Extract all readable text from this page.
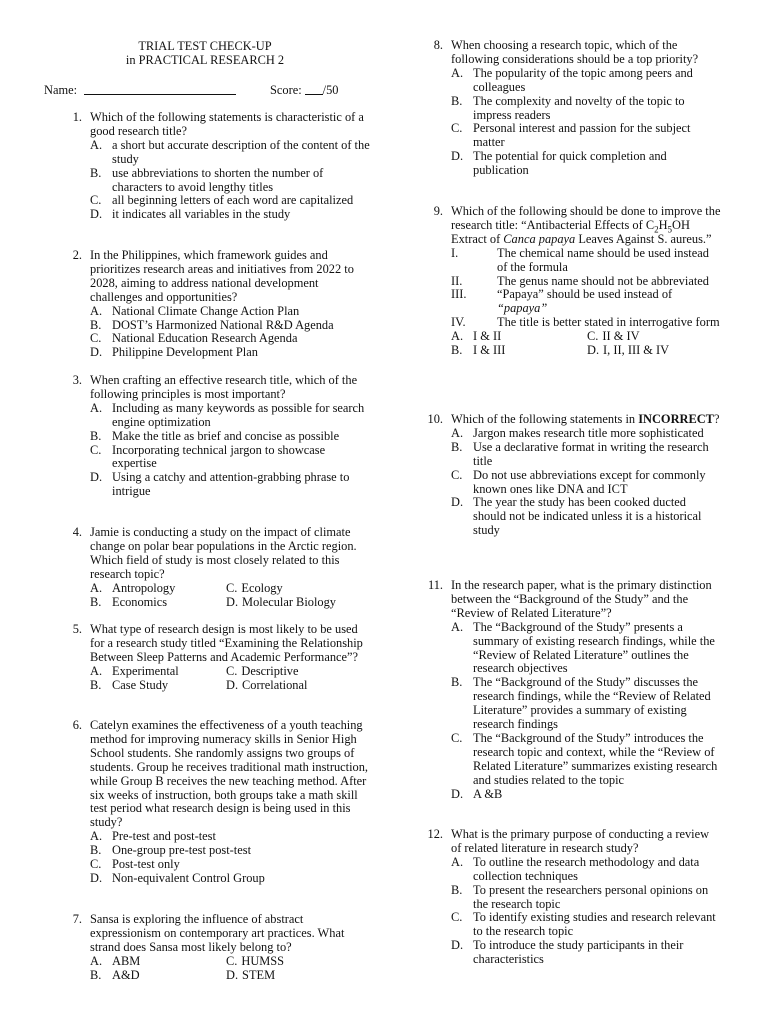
TRIAL TEST CHECK-UP
in PRACTICAL RESEARCH 2
Name:	Score: /50
1. Which of the following statements is characteristic of a good research title?
A. a short but accurate description of the content of the study
B. use abbreviations to shorten the number of characters to avoid lengthy titles
C. all beginning letters of each word are capitalized
D. it indicates all variables in the study
2. In the Philippines, which framework guides and prioritizes research areas and initiatives from 2022 to 2028, aiming to address national development challenges and opportunities?
A. National Climate Change Action Plan
B. DOST’s Harmonized National R&D Agenda
C. National Education Research Agenda
D. Philippine Development Plan
3. When crafting an effective research title, which of the following principles is most important?
A. Including as many keywords as possible for search engine optimization
B. Make the title as brief and concise as possible
C. Incorporating technical jargon to showcase expertise
D. Using a catchy and attention-grabbing phrase to intrigue
4. Jamie is conducting a study on the impact of climate change on polar bear populations in the Arctic region. Which field of study is most closely related to this research topic?
A. Antropology	C. Ecology
B. Economics	D. Molecular Biology
5. What type of research design is most likely to be used for a research study titled “Examining the Relationship Between Sleep Patterns and Academic Performance”?
A. Experimental	C. Descriptive
B. Case Study	D. Correlational
6. Catelyn examines the effectiveness of a youth teaching method for improving numeracy skills in Senior High School students. She randomly assigns two groups of students. Group he receives traditional math instruction, while Group B receives the new teaching method. After six weeks of instruction, both groups take a math skill test period what research design is being used in this study?
A. Pre-test and post-test
B. One-group pre-test post-test
C. Post-test only
D. Non-equivalent Control Group
7. Sansa is exploring the influence of abstract expressionism on contemporary art practices. What strand does Sansa most likely belong to?
A. ABM	C. HUMSS
B. A&D	D. STEM
8. When choosing a research topic, which of the following considerations should be a top priority?
A. The popularity of the topic among peers and colleagues
B. The complexity and novelty of the topic to impress readers
C. Personal interest and passion for the subject matter
D. The potential for quick completion and publication
9. Which of the following should be done to improve the research title: “Antibacterial Effects of $C_2H_5OH$ Extract of Canca papaya Leaves Against S. aureus.”
I.	The chemical name should be used instead of the formula
II.	The genus name should not be abbreviated
III.	“Papaya” should be used instead of “papaya”
IV.	The title is better stated in interrogative form
A. I & II	C. II & IV
B. I & III	D. I, II, III & IV
10. Which of the following statements in INCORRECT?
A. Jargon makes research title more sophisticated
B. Use a declarative format in writing the research title
C. Do not use abbreviations except for commonly known ones like DNA and ICT
D. The year the study has been cooked ducted should not be indicated unless it is a historical study
11. In the research paper, what is the primary distinction between the “Background of the Study” and the “Review of Related Literature”?
A. The “Background of the Study” presents a summary of existing research findings, while the “Review of Related Literature” outlines the research objectives
B. The “Background of the Study” discusses the research findings, while the “Review of Related Literature” provides a summary of existing research findings
C. The “Background of the Study” introduces the research topic and context, while the “Review of Related Literature” summarizes existing research and studies related to the topic
D. A &B
12. What is the primary purpose of conducting a review of related literature in research study?
A. To outline the research methodology and data collection techniques
B. To present the researchers personal opinions on the research topic
C. To identify existing studies and research relevant to the research topic
D. To introduce the study participants in their characteristics
